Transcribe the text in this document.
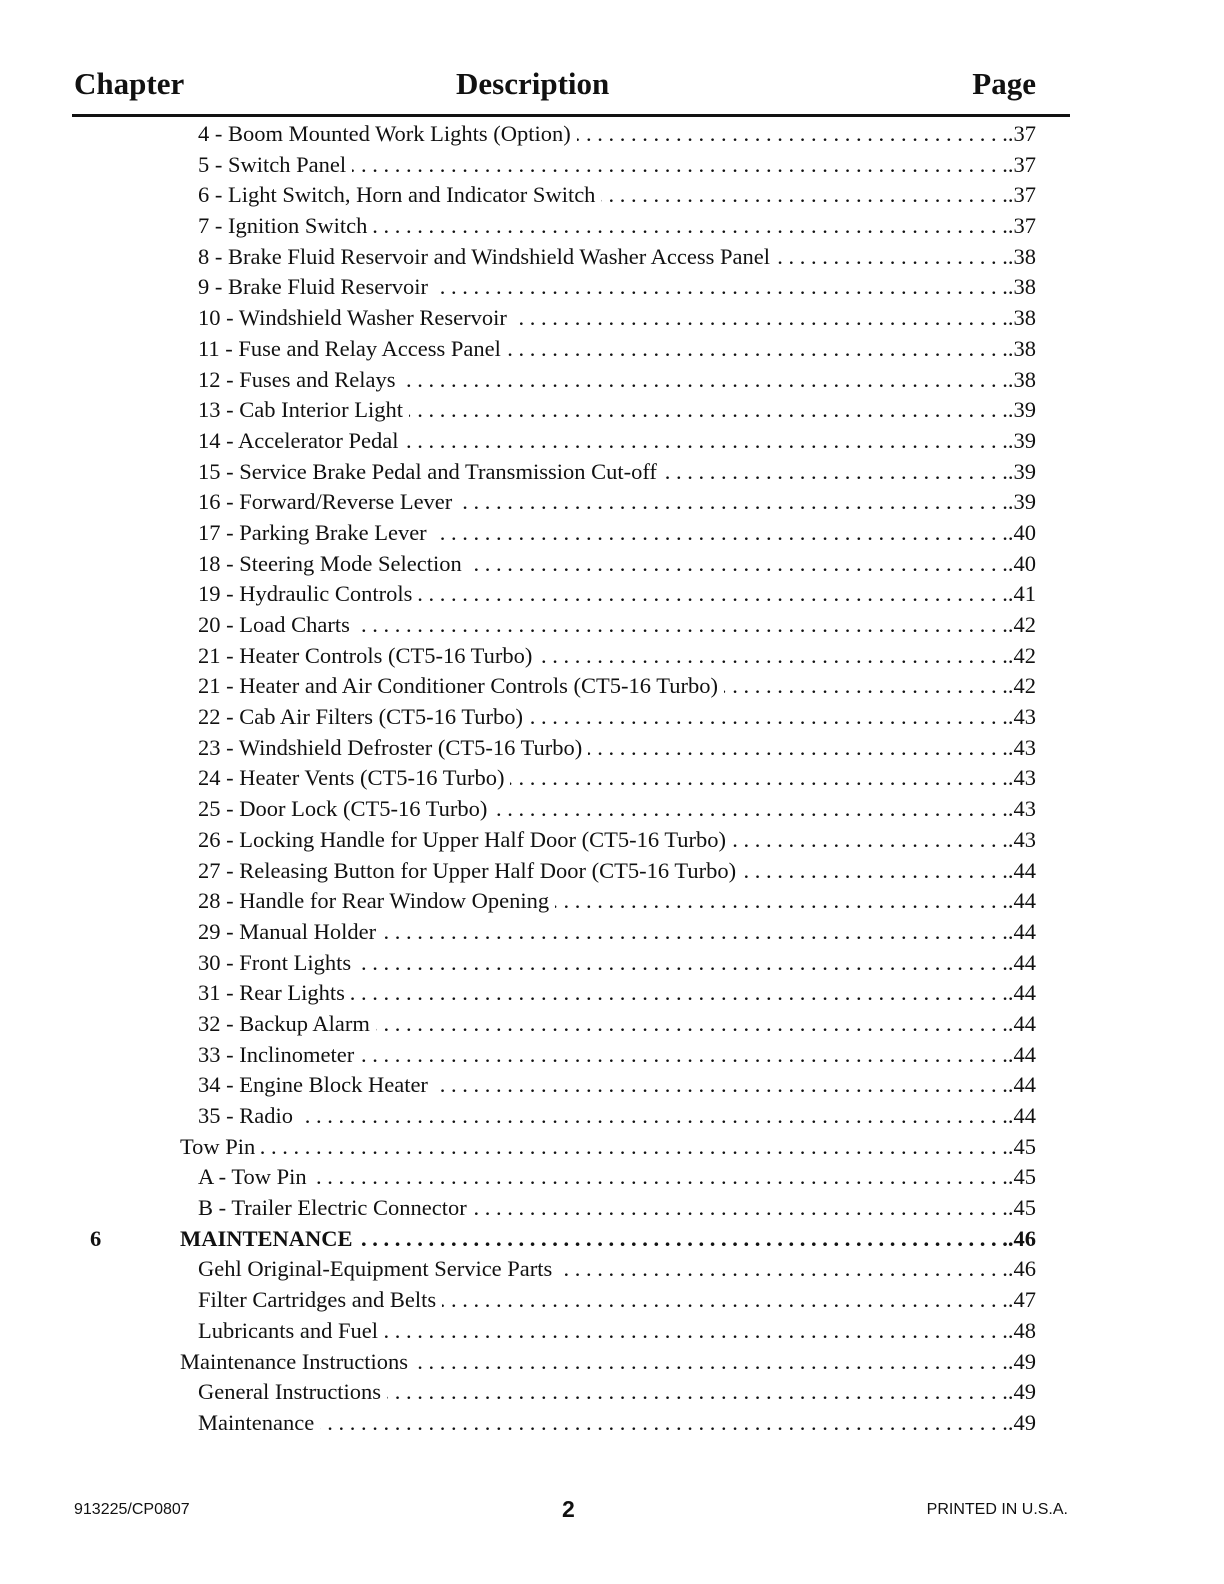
Chapter	Description	Page
4 - Boom Mounted Work Lights (Option) . . .	.37
5 - Switch Panel . . .	.37
6 - Light Switch, Horn and Indicator Switch . . .	.37
7 - Ignition Switch . . .	.37
8 - Brake Fluid Reservoir and Windshield Washer Access Panel . . .	.38
9 - Brake Fluid Reservoir . . .	.38
10 - Windshield Washer Reservoir . . .	.38
11 - Fuse and Relay Access Panel . . .	.38
12 - Fuses and Relays . . .	.38
13 - Cab Interior Light . . .	.39
14 - Accelerator Pedal . . .	.39
15 - Service Brake Pedal and Transmission Cut-off . . .	.39
16 - Forward/Reverse Lever . . .	.39
17 - Parking Brake Lever . . .	.40
18 - Steering Mode Selection . . .	.40
19 - Hydraulic Controls . . .	.41
20 - Load Charts . . .	.42
21 - Heater Controls (CT5-16 Turbo) . . .	.42
21 - Heater and Air Conditioner Controls (CT5-16 Turbo) . . .	.42
22 - Cab Air Filters (CT5-16 Turbo) . . .	.43
23 - Windshield Defroster (CT5-16 Turbo) . . .	.43
24 - Heater Vents (CT5-16 Turbo) . . .	.43
25 - Door Lock (CT5-16 Turbo) . . .	.43
26 - Locking Handle for Upper Half Door (CT5-16 Turbo) . . .	.43
27 - Releasing Button for Upper Half Door (CT5-16 Turbo) . . .	.44
28 - Handle for Rear Window Opening . . .	.44
29 - Manual Holder . . .	.44
30 - Front Lights . . .	.44
31 - Rear Lights . . .	.44
32 - Backup Alarm . . .	.44
33 - Inclinometer . . .	.44
34 - Engine Block Heater . . .	.44
35 - Radio . . .	.44
Tow Pin . . .	.45
A - Tow Pin . . .	.45
B - Trailer Electric Connector . . .	.45
6	MAINTENANCE . . .	.46
Gehl Original-Equipment Service Parts . . .	.46
Filter Cartridges and Belts . . .	.47
Lubricants and Fuel . . .	.48
Maintenance Instructions . . .	.49
General Instructions . . .	.49
Maintenance . . .	.49
913225/CP0807	2	PRINTED IN U.S.A.
